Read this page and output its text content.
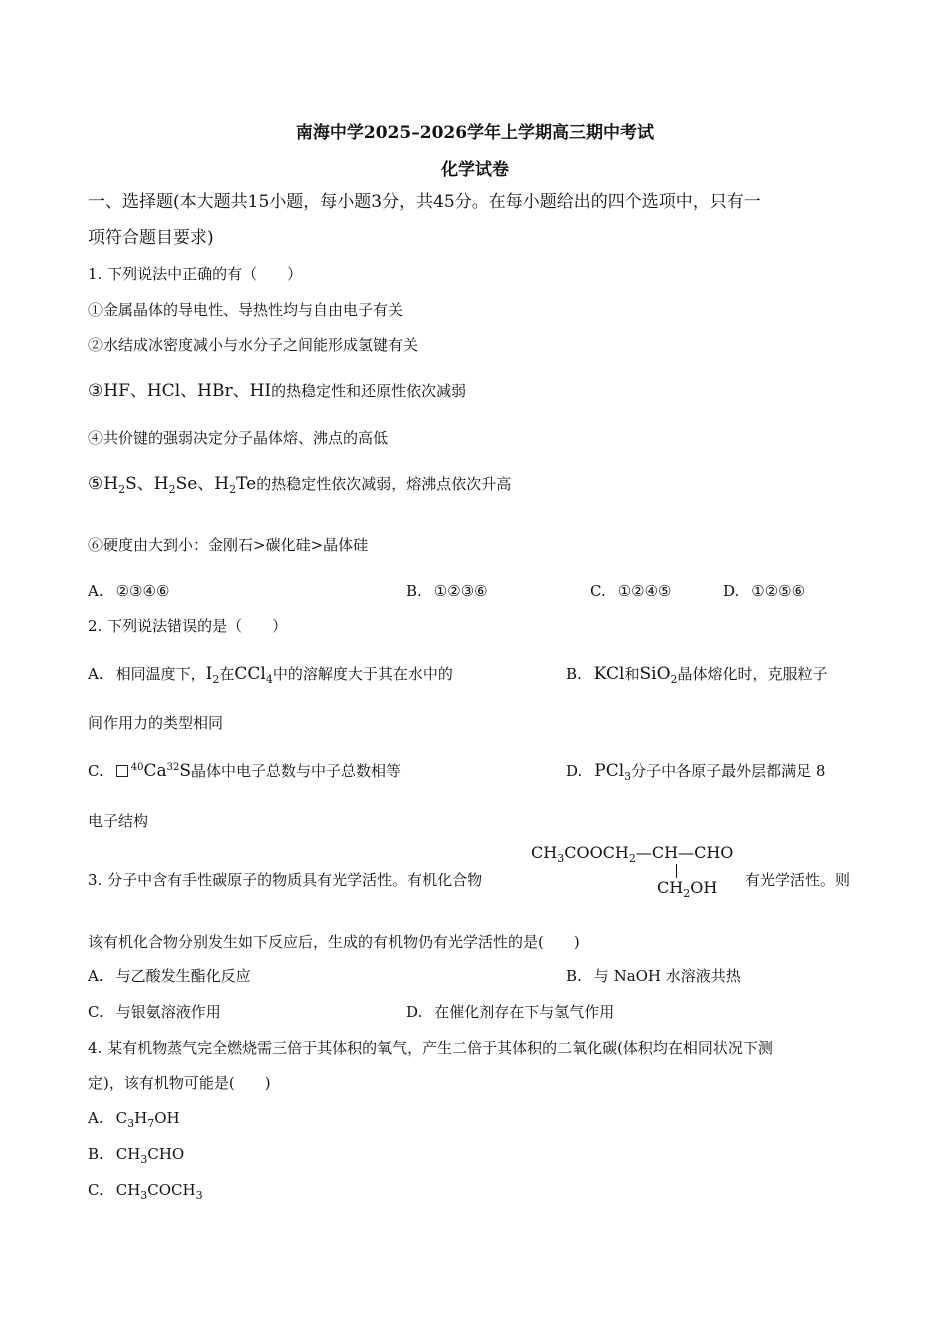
南海中学2025–2026学年上学期高三期中考试
化学试卷
一、选择题(本大题共15小题，每小题3分，共45分。在每小题给出的四个选项中，只有一
项符合题目要求)
1. 下列说法中正确的有（　　）
①金属晶体的导电性、导热性均与自由电子有关
②水结成冰密度减小与水分子之间能形成氢键有关
③HF、HCl、HBr、HI的热稳定性和还原性依次减弱
④共价键的强弱决定分子晶体熔、沸点的高低
$⑤H_2S$、$H_2Se$、$H_2Te$的热稳定性依次减弱，熔沸点依次升高
⑥硬度由大到小：金刚石>碳化硅>晶体硅
A. ②③④⑥	B. ①②③⑥	C. ①②④⑤	D. ①②⑤⑥
2. 下列说法错误的是（　　）
A. 相同温度下，$I_2$在CCl$_4$中的溶解度大于其在水中的	B. KCl和SiO$_2$晶体熔化时，克服粒子
间作用力的类型相同
C.	$^{40}$Ca$^{32}$S晶体中电子总数与中子总数相等	D. PCl$_3$分子中各原子最外层都满足 8
电子结构
$CH_3COOCH_2—CH—CHO$
$CH_2OH$
3. 分子中含有手性碳原子的物质具有光学活性。有机化合物	有光学活性。则
该有机化合物分别发生如下反应后，生成的有机物仍有光学活性的是(　　)
A. 与乙酸发生酯化反应	B. 与 NaOH 水溶液共热
C. 与银氨溶液作用	D. 在催化剂存在下与氢气作用
4. 某有机物蒸气完全燃烧需三倍于其体积的氧气，产生二倍于其体积的二氧化碳(体积均在相同状况下测
定)，该有机物可能是(　　)
A. $C_3H_7OH$
B. $CH_3CHO$
C. $CH_3COCH_3$
